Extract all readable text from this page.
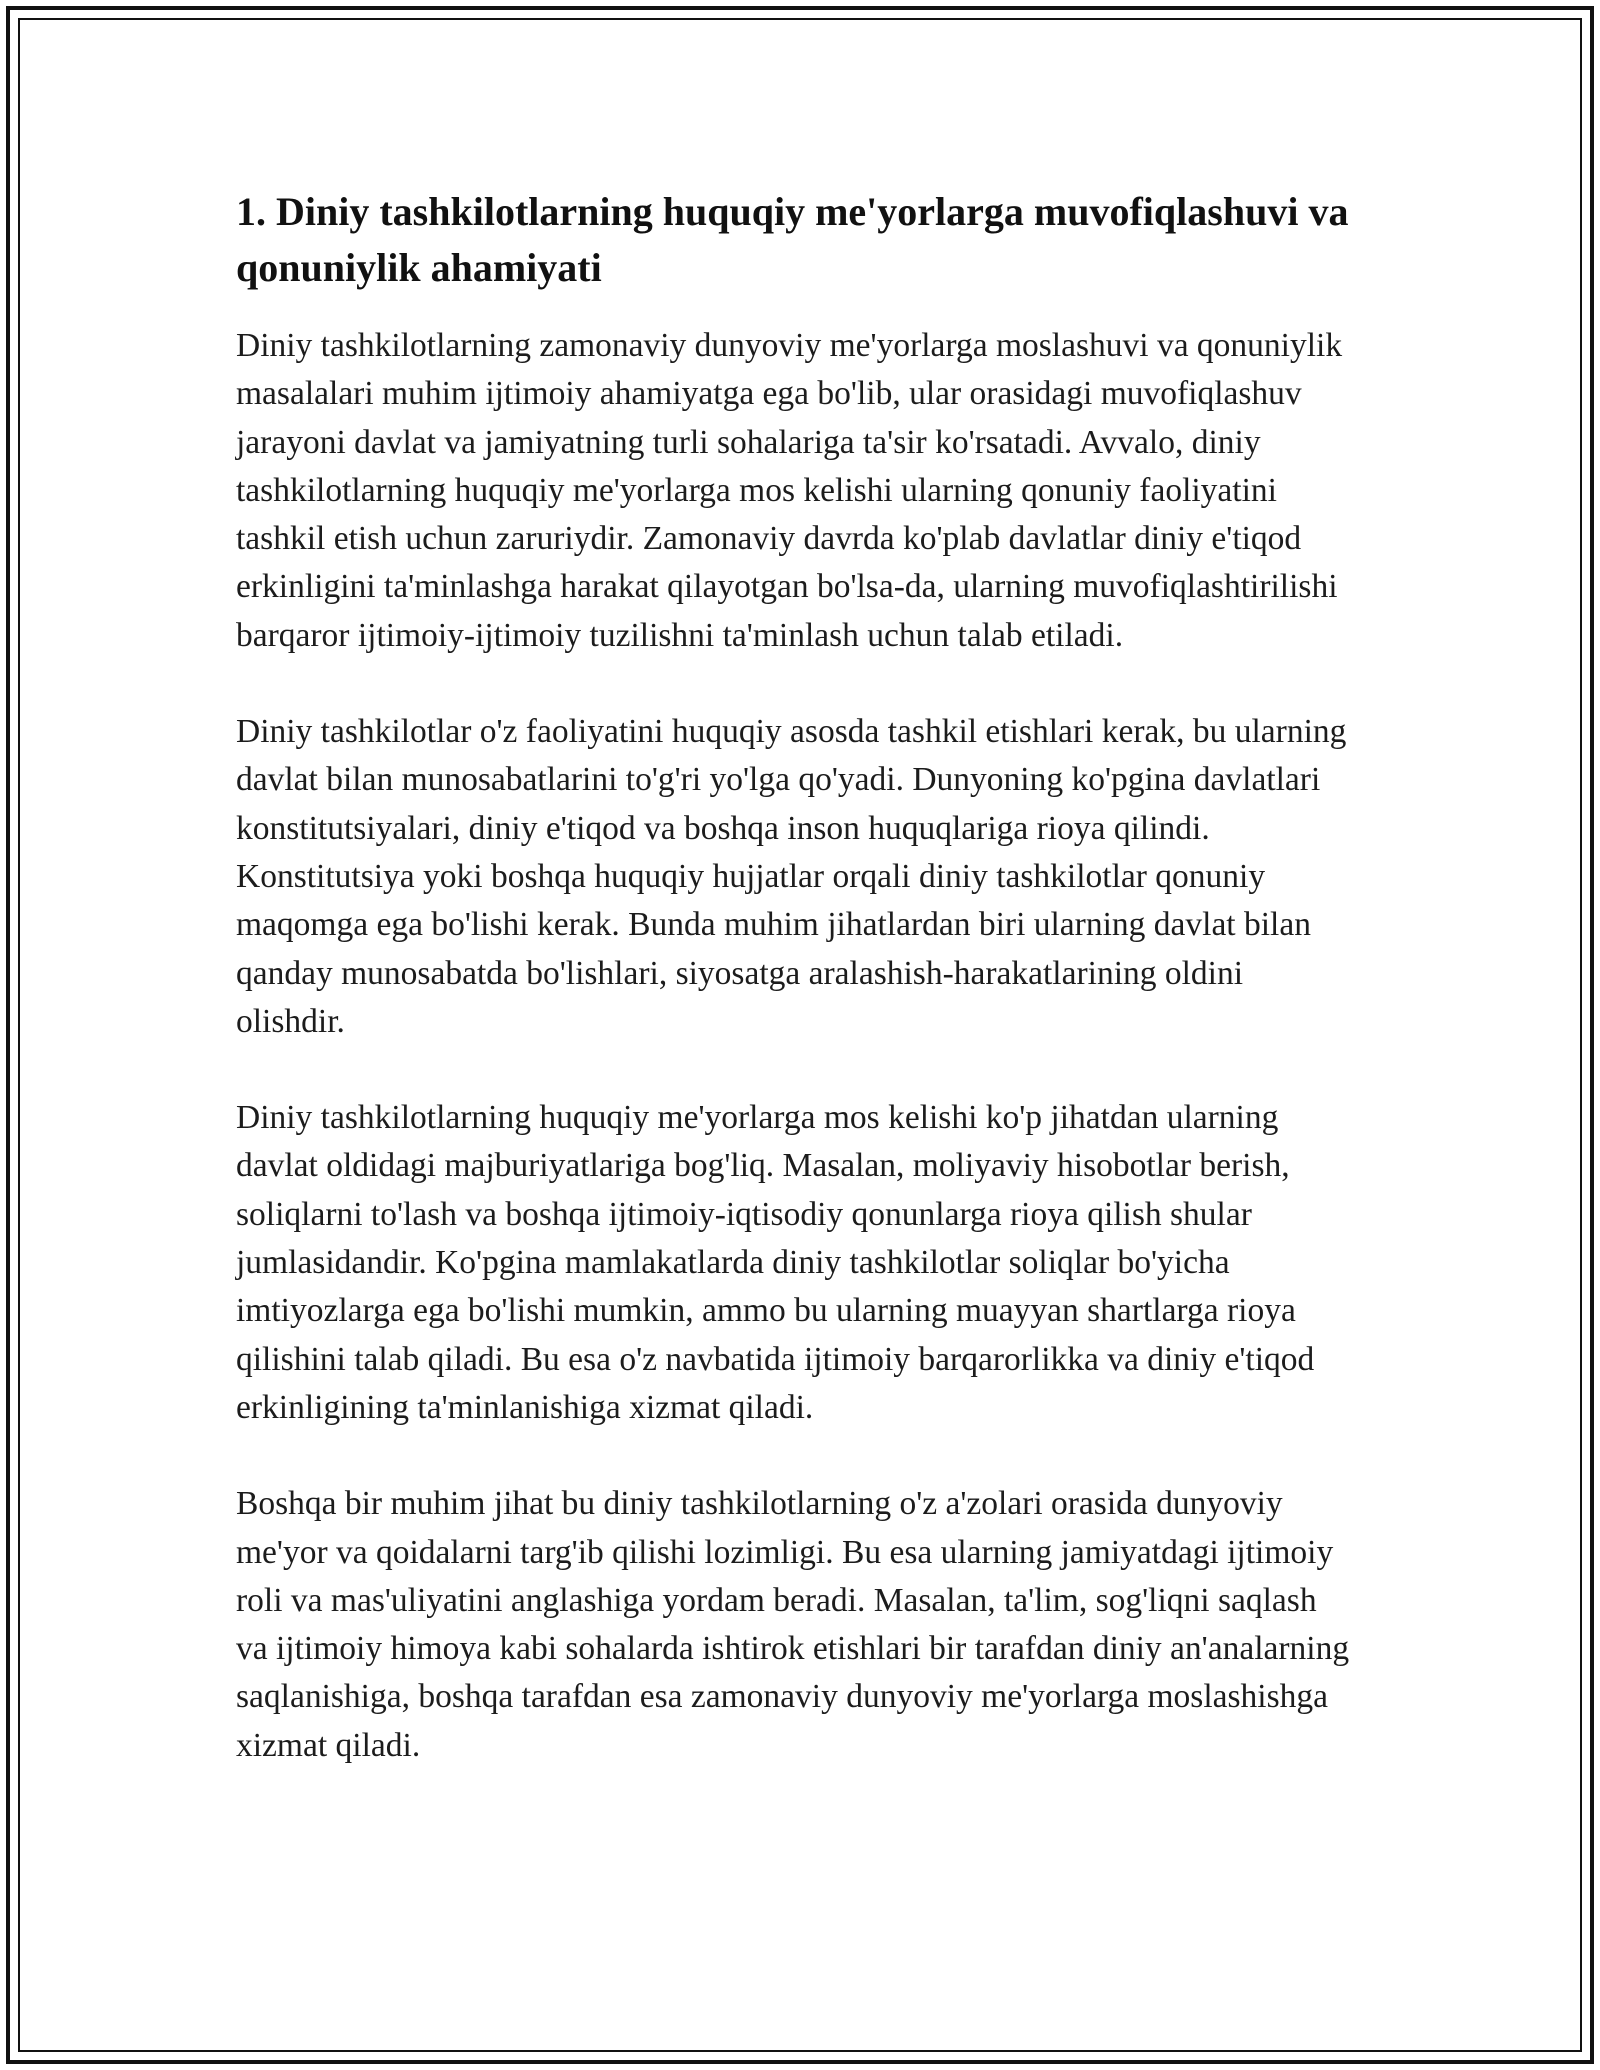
1. Diniy tashkilotlarning huquqiy me'yorlarga muvofiqlashuvi va qonuniylik ahamiyati

Diniy tashkilotlarning zamonaviy dunyoviy me'yorlarga moslashuvi va qonuniylik masalalari muhim ijtimoiy ahamiyatga ega bo'lib, ular orasidagi muvofiqlashuv jarayoni davlat va jamiyatning turli sohalariga ta'sir ko'rsatadi. Avvalo, diniy tashkilotlarning huquqiy me'yorlarga mos kelishi ularning qonuniy faoliyatini tashkil etish uchun zaruriydir. Zamonaviy davrda ko'plab davlatlar diniy e'tiqod erkinligini ta'minlashga harakat qilayotgan bo'lsa-da, ularning muvofiqlashtirilishi barqaror ijtimoiy-ijtimoiy tuzilishni ta'minlash uchun talab etiladi.

Diniy tashkilotlar o'z faoliyatini huquqiy asosda tashkil etishlari kerak, bu ularning davlat bilan munosabatlarini to'g'ri yo'lga qo'yadi. Dunyoning ko'pgina davlatlari konstitutsiyalari, diniy e'tiqod va boshqa inson huquqlariga rioya qilindi. Konstitutsiya yoki boshqa huquqiy hujjatlar orqali diniy tashkilotlar qonuniy maqomga ega bo'lishi kerak. Bunda muhim jihatlardan biri ularning davlat bilan qanday munosabatda bo'lishlari, siyosatga aralashish-harakatlarining oldini olishdir.

Diniy tashkilotlarning huquqiy me'yorlarga mos kelishi ko'p jihatdan ularning davlat oldidagi majburiyatlariga bog'liq. Masalan, moliyaviy hisobotlar berish, soliqlarni to'lash va boshqa ijtimoiy-iqtisodiy qonunlarga rioya qilish shular jumlasidandir. Ko'pgina mamlakatlarda diniy tashkilotlar soliqlar bo'yicha imtiyozlarga ega bo'lishi mumkin, ammo bu ularning muayyan shartlarga rioya qilishini talab qiladi. Bu esa o'z navbatida ijtimoiy barqarorlikka va diniy e'tiqod erkinligining ta'minlanishiga xizmat qiladi.

Boshqa bir muhim jihat bu diniy tashkilotlarning o'z a'zolari orasida dunyoviy me'yor va qoidalarni targ'ib qilishi lozimligi. Bu esa ularning jamiyatdagi ijtimoiy roli va mas'uliyatini anglashiga yordam beradi. Masalan, ta'lim, sog'liqni saqlash va ijtimoiy himoya kabi sohalarda ishtirok etishlari bir tarafdan diniy an'analarning saqlanishiga, boshqa tarafdan esa zamonaviy dunyoviy me'yorlarga moslashishga xizmat qiladi.
